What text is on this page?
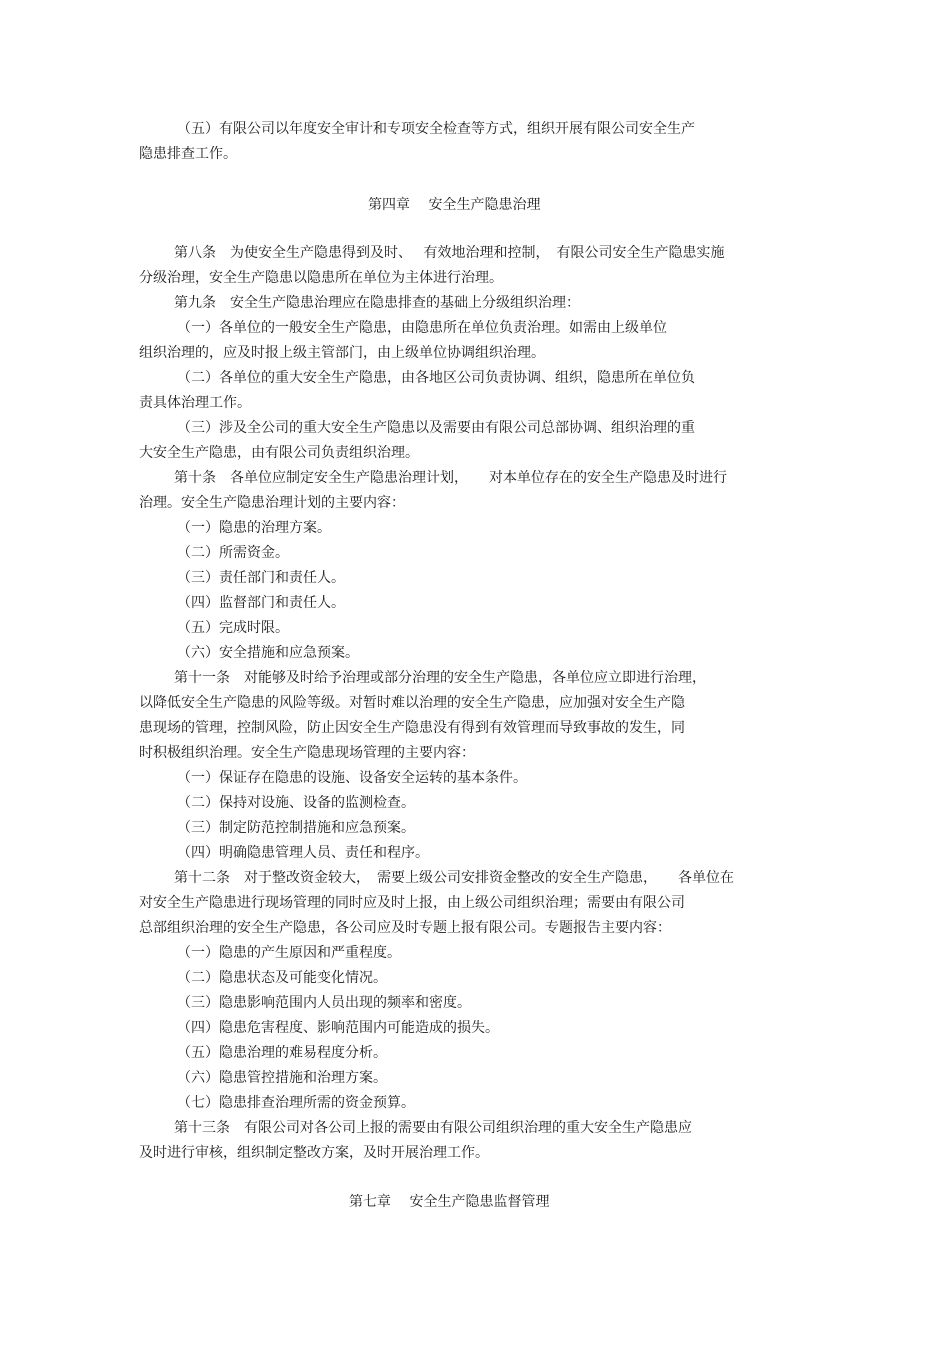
（五）有限公司以年度安全审计和专项安全检查等方式，组织开展有限公司安全生产
隐患排查工作。
第四章　 安全生产隐患治理
第八条　为使安全生产隐患得到及时、　 有效地治理和控制，　有限公司安全生产隐患实施
分级治理，安全生产隐患以隐患所在单位为主体进行治理。
第九条　安全生产隐患治理应在隐患排查的基础上分级组织治理：
（一）各单位的一般安全生产隐患，由隐患所在单位负责治理。如需由上级单位
组织治理的，应及时报上级主管部门，由上级单位协调组织治理。
（二）各单位的重大安全生产隐患，由各地区公司负责协调、组织，隐患所在单位负
责具体治理工作。
（三）涉及全公司的重大安全生产隐患以及需要由有限公司总部协调、组织治理的重
大安全生产隐患，由有限公司负责组织治理。
第十条　各单位应制定安全生产隐患治理计划，　　对本单位存在的安全生产隐患及时进行
治理。安全生产隐患治理计划的主要内容：
（一）隐患的治理方案。
（二）所需资金。
（三）责任部门和责任人。
（四）监督部门和责任人。
（五）完成时限。
（六）安全措施和应急预案。
第十一条　对能够及时给予治理或部分治理的安全生产隐患，各单位应立即进行治理，
以降低安全生产隐患的风险等级。对暂时难以治理的安全生产隐患，应加强对安全生产隐
患现场的管理，控制风险，防止因安全生产隐患没有得到有效管理而导致事故的发生，同
时积极组织治理。安全生产隐患现场管理的主要内容：
（一）保证存在隐患的设施、设备安全运转的基本条件。
（二）保持对设施、设备的监测检查。
（三）制定防范控制措施和应急预案。
（四）明确隐患管理人员、责任和程序。
第十二条　对于整改资金较大，　需要上级公司安排资金整改的安全生产隐患，　　各单位在
对安全生产隐患进行现场管理的同时应及时上报，由上级公司组织治理；需要由有限公司
总部组织治理的安全生产隐患，各公司应及时专题上报有限公司。专题报告主要内容：
（一）隐患的产生原因和严重程度。
（二）隐患状态及可能变化情况。
（三）隐患影响范围内人员出现的频率和密度。
（四）隐患危害程度、影响范围内可能造成的损失。
（五）隐患治理的难易程度分析。
（六）隐患管控措施和治理方案。
（七）隐患排查治理所需的资金预算。
第十三条　有限公司对各公司上报的需要由有限公司组织治理的重大安全生产隐患应
及时进行审核，组织制定整改方案，及时开展治理工作。
第七章　 安全生产隐患监督管理
